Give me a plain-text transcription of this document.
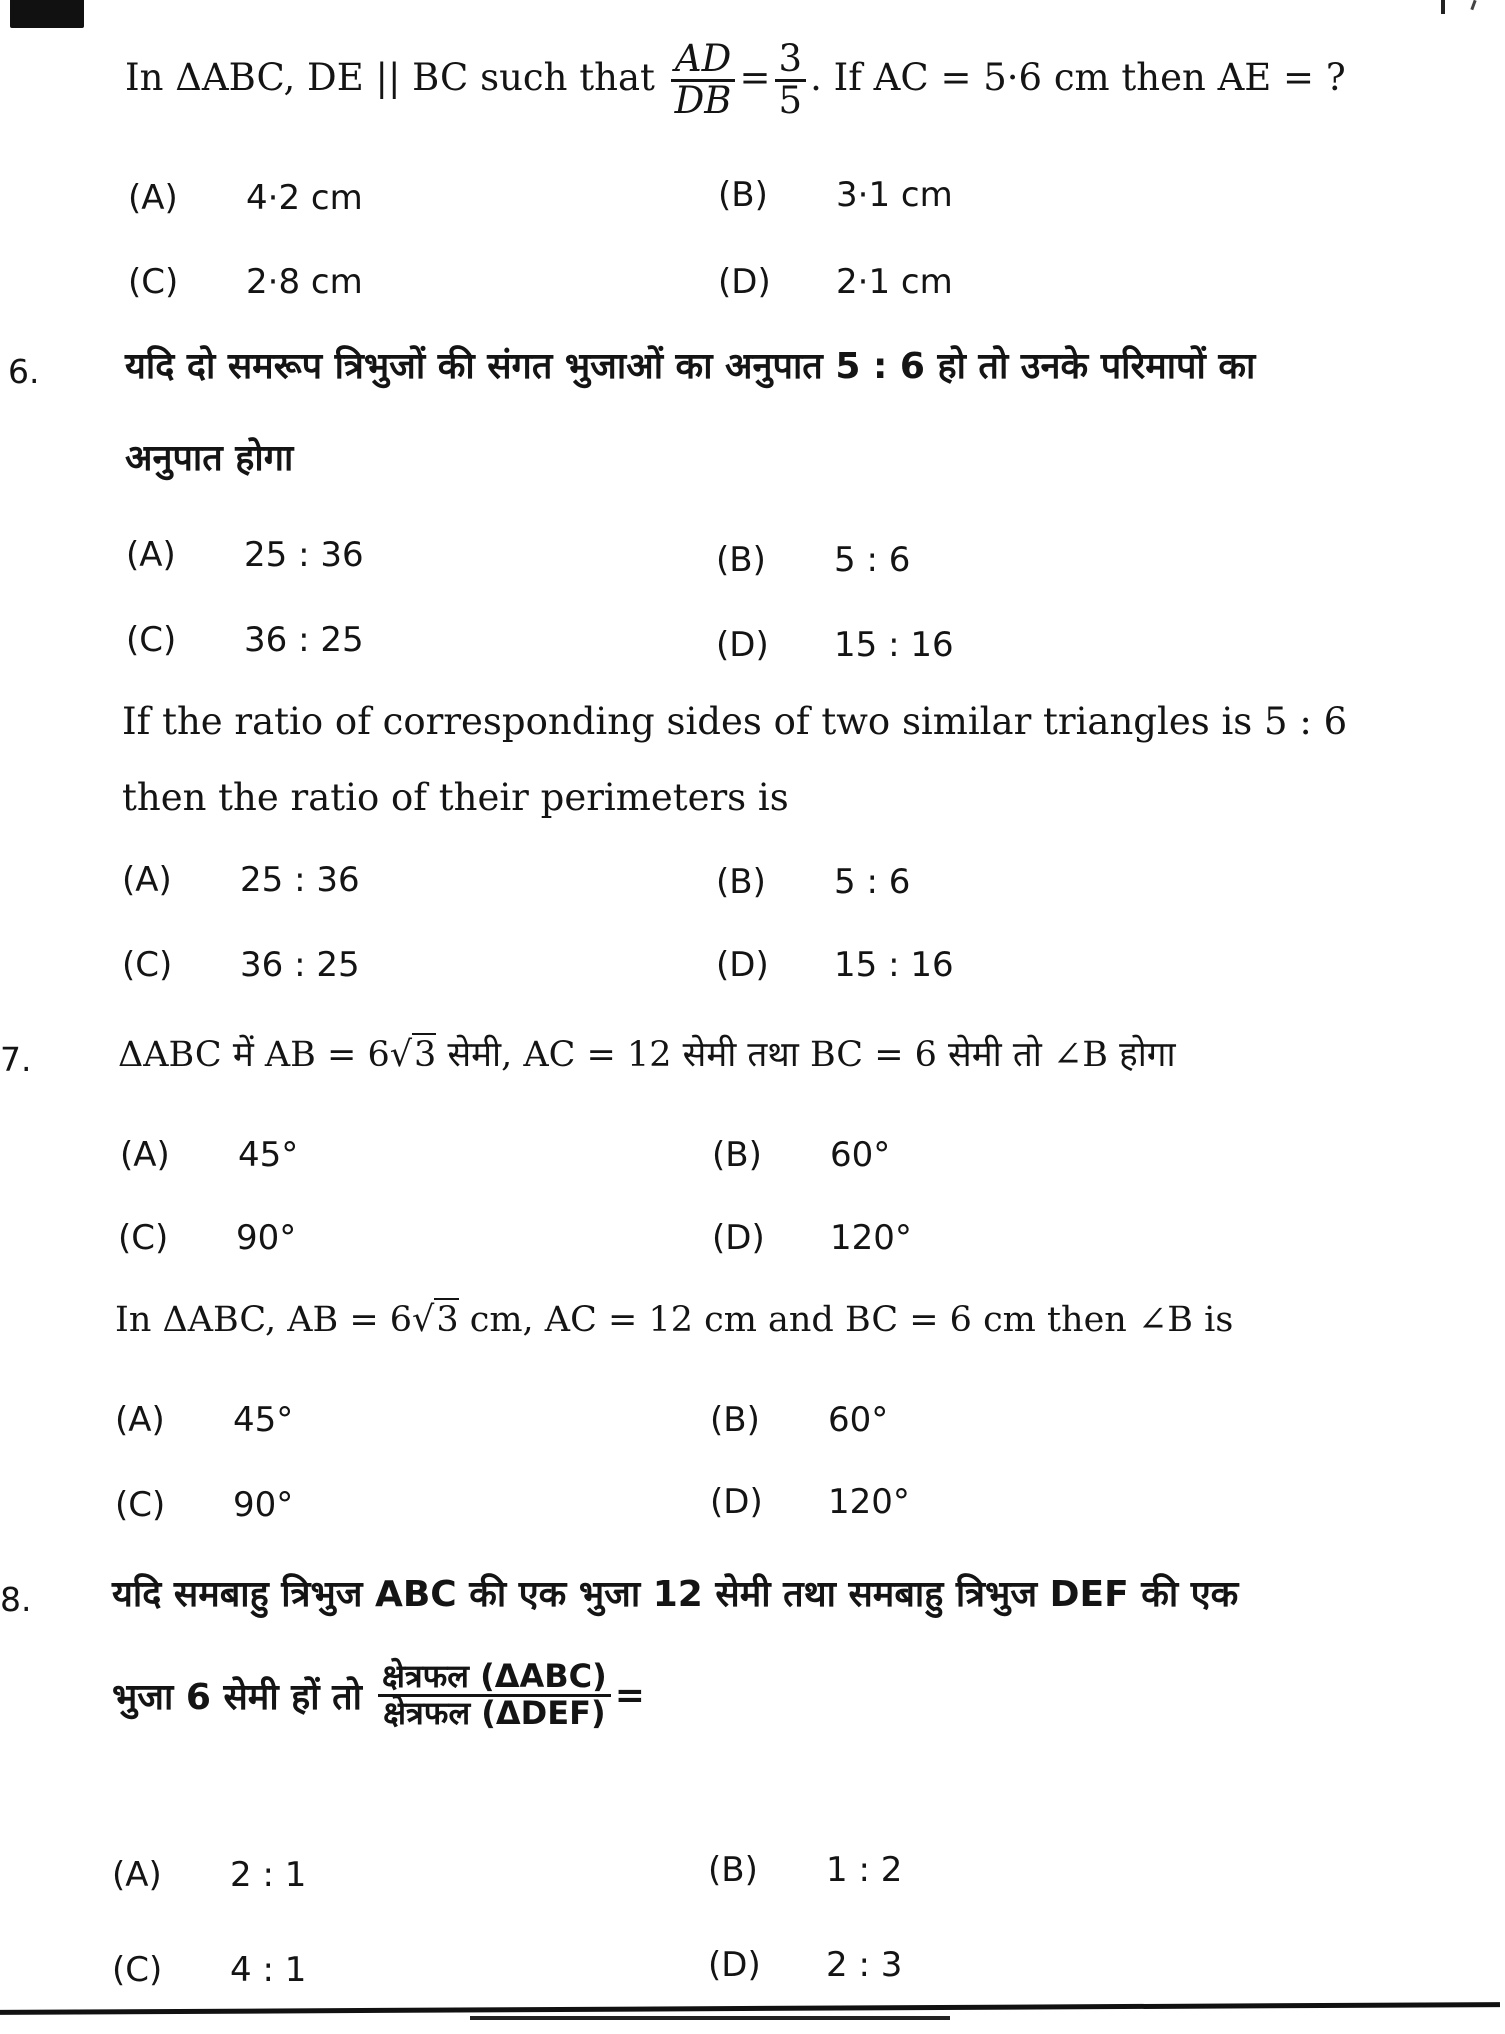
In ΔABC, DE || BC such that $\frac{AD}{DB} = \frac{3}{5}$ . If AC = 5·6 cm then AE = ?
(A) 4·2 cm	(B) 3·1 cm
(C) 2·8 cm	(D) 2·1 cm
6. यदि दो समरूप त्रिभुजों की संगत भुजाओं का अनुपात 5 : 6 हो तो उनके परिमापों का
अनुपात होगा
(A) 25 : 36	(B) 5 : 6
(C) 36 : 25	(D) 15 : 16
If the ratio of corresponding sides of two similar triangles is 5 : 6
then the ratio of their perimeters is
(A) 25 : 36	(B) 5 : 6
(C) 36 : 25	(D) 15 : 16
7. ΔABC में AB = 6√3 सेमी, AC = 12 सेमी तथा BC = 6 सेमी तो ∠B होगा
(A) 45°	(B) 60°
(C) 90°	(D) 120°
In ΔABC, AB = 6√3 cm, AC = 12 cm and BC = 6 cm then ∠B is
(A) 45°	(B) 60°
(C) 90°	(D) 120°
8. यदि समबाहु त्रिभुज ABC की एक भुजा 12 सेमी तथा समबाहु त्रिभुज DEF की एक
भुजा 6 सेमी हों तो $\frac{\text{क्षेत्रफल (ΔABC)}}{\text{क्षेत्रफल (ΔDEF)}}$ =
(A) 2 : 1	(B) 1 : 2
(C) 4 : 1	(D) 2 : 3
